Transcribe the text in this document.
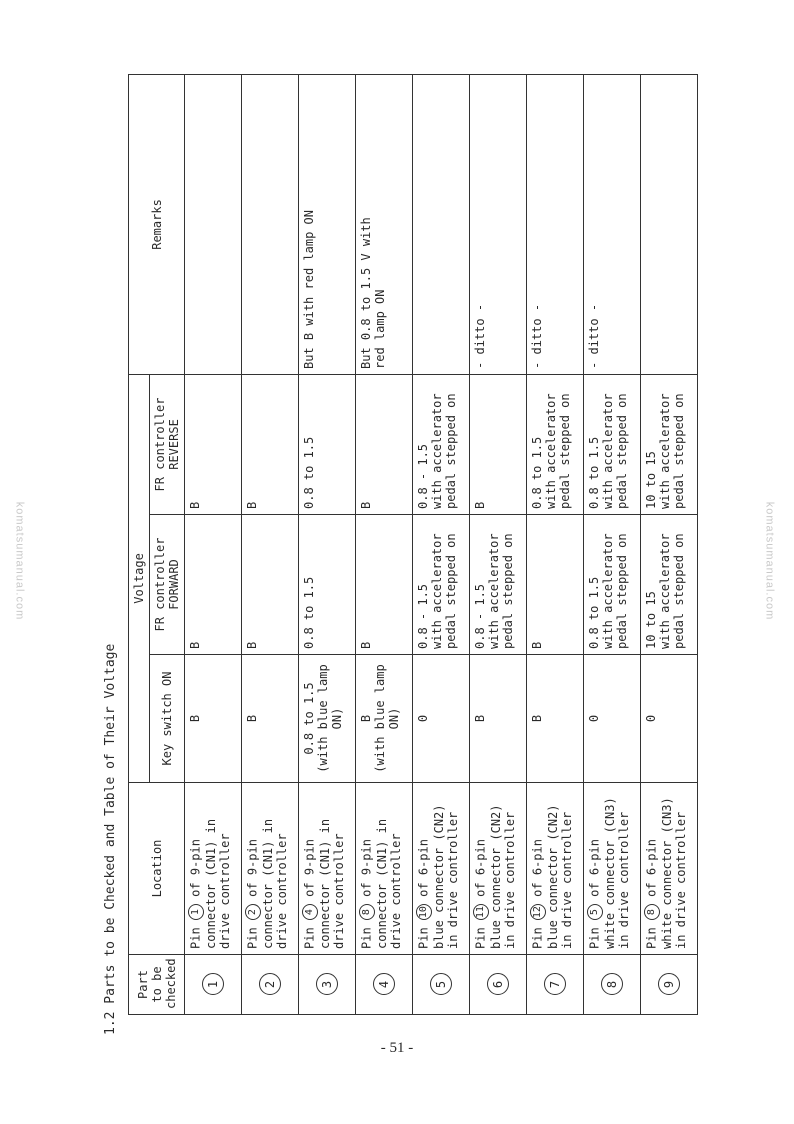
komatsumanual.com	komatsumanual.com
1.2 Parts to be Checked and Table of Their Voltage	Part to be checked	Location	Voltage			Remarks
		Key switch ON	FR controller FORWARD	FR controller REVERSE	
1	Pin 1 of 9-pin
connector (CN1) in
drive controller	B	B	B	
2	Pin 2 of 9-pin
connector (CN1) in
drive controller	B	B	B	
3	Pin 4 of 9-pin
connector (CN1) in
drive controller	0.8 to 1.5
(with blue lamp
ON)	0.8 to 1.5	0.8 to 1.5	But B with red lamp ON
4	Pin 8 of 9-pin
connector (CN1) in
drive controller	B
(with blue lamp
ON)	B	B	But 0.8 to 1.5 V with
red lamp ON
5	Pin 10 of 6-pin
blue connector (CN2)
in drive controller	0	0.8 - 1.5
with accelerator
pedal stepped on	0.8 - 1.5
with accelerator
pedal stepped on	
6	Pin 11 of 6-pin
blue connector (CN2)
in drive controller	B	0.8 - 1.5
with accelerator
pedal stepped on	B	- ditto -
7	Pin 12 of 6-pin
blue connector (CN2)
in drive controller	B	B	0.8 to 1.5
with accelerator
pedal stepped on	- ditto -
8	Pin 5 of 6-pin
white connector (CN3)
in drive controller	0	0.8 to 1.5
with accelerator
pedal stepped on	0.8 to 1.5
with accelerator
pedal stepped on	- ditto -
9	Pin 8 of 6-pin
white connector (CN3)
in drive controller	0	10 to 15
with accelerator
pedal stepped on	10 to 15
with accelerator
pedal stepped on	
- 51 -
